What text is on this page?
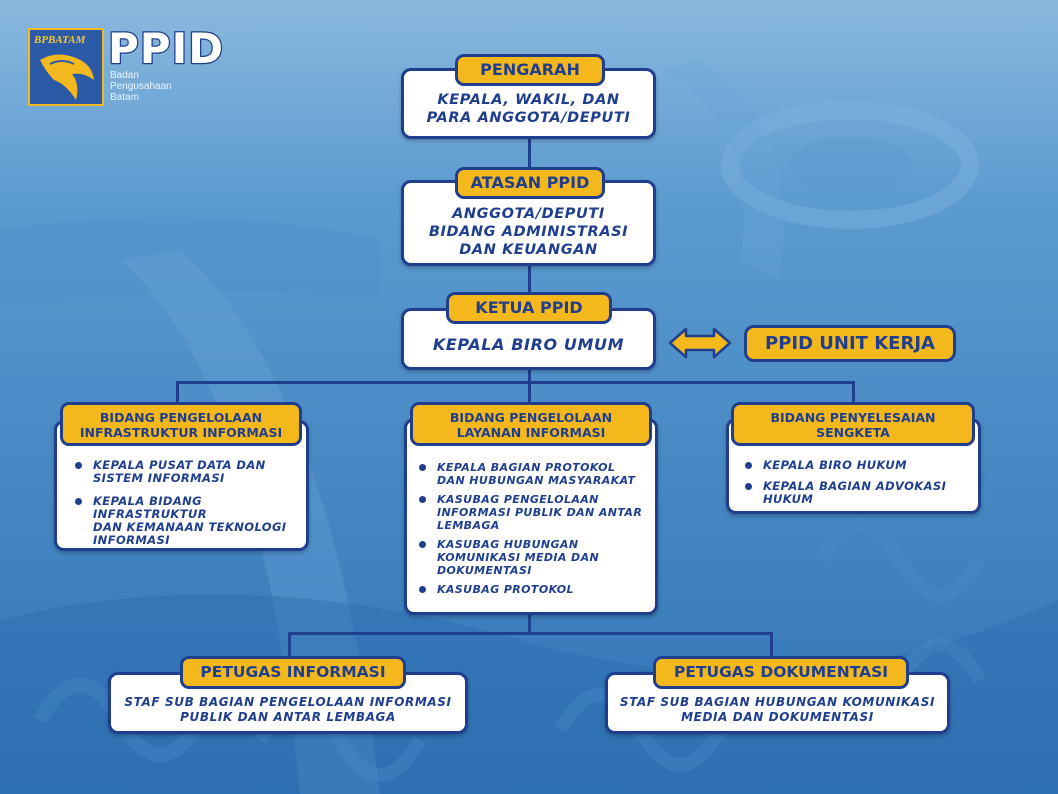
BPBATAM PPID
Badan
Pengusahaan
Batam	KEPALA, WAKIL, DAN
PARA ANGGOTA/DEPUTI
PENGARAH
ANGGOTA/DEPUTI
BIDANG ADMINISTRASI
DAN KEUANGAN
ATASAN PPID
KEPALA BIRO UMUM
KETUA PPID
PPID UNIT KERJA
KEPALA PUSAT DATA DAN
SISTEM INFORMASI
KEPALA BIDANG INFRASTRUKTUR
DAN KEMANAAN TEKNOLOGI
INFORMASI
BIDANG PENGELOLAAN
INFRASTRUKTUR INFORMASI
KEPALA BAGIAN PROTOKOL
DAN HUBUNGAN MASYARAKAT
KASUBAG PENGELOLAAN
INFORMASI PUBLIK DAN ANTAR
LEMBAGA
KASUBAG HUBUNGAN
KOMUNIKASI MEDIA DAN
DOKUMENTASI
KASUBAG PROTOKOL
BIDANG PENGELOLAAN
LAYANAN INFORMASI
KEPALA BIRO HUKUM
KEPALA BAGIAN ADVOKASI
HUKUM
BIDANG PENYELESAIAN
SENGKETA
STAF SUB BAGIAN PENGELOLAAN INFORMASI
PUBLIK DAN ANTAR LEMBAGA
PETUGAS INFORMASI
STAF SUB BAGIAN HUBUNGAN KOMUNIKASI
MEDIA DAN DOKUMENTASI
PETUGAS DOKUMENTASI
